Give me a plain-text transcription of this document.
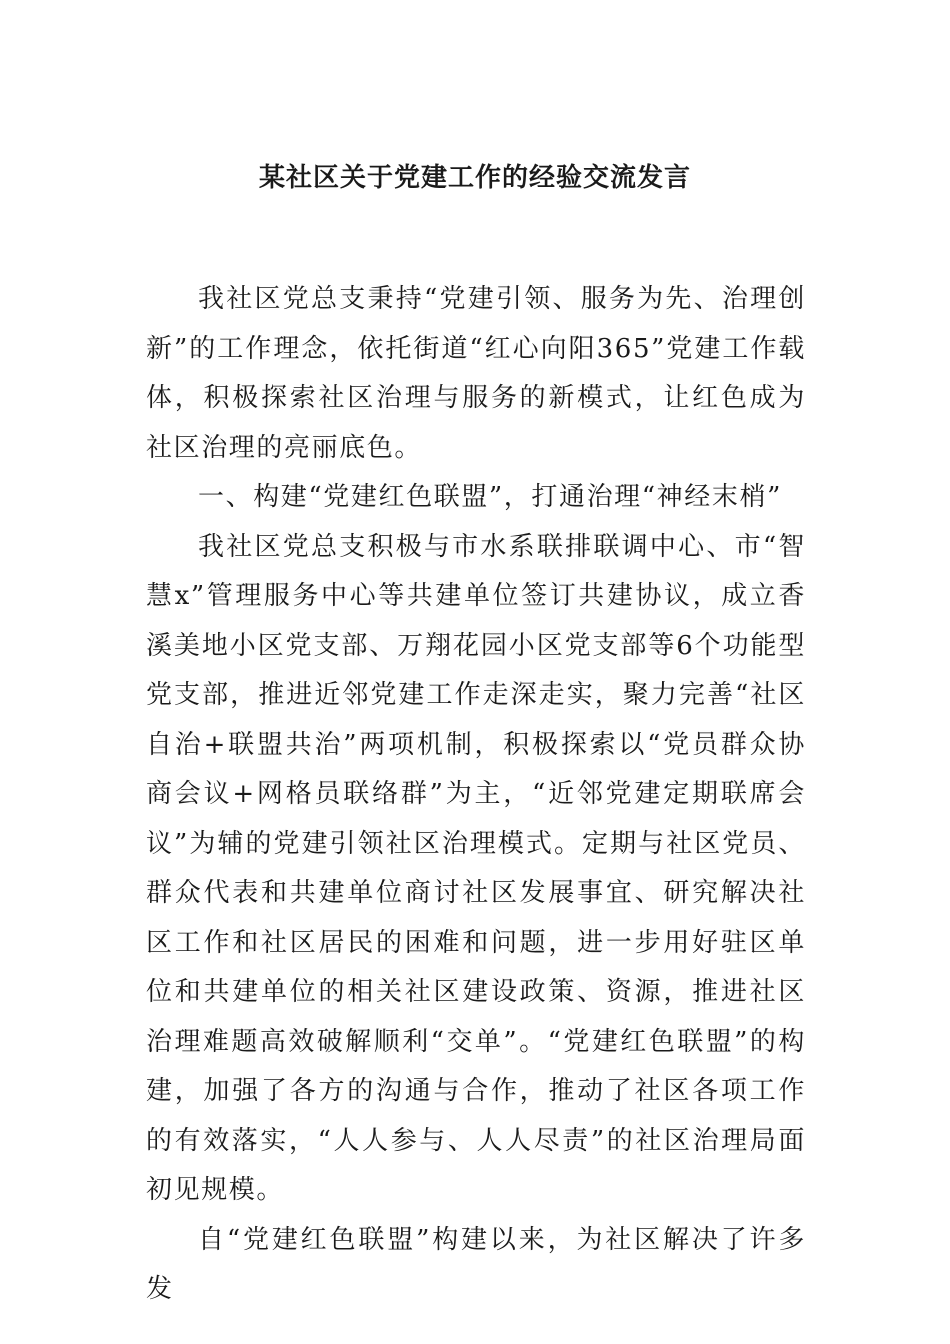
某社区关于党建工作的经验交流发言

我社区党总支秉持“党建引领、服务为先、治理创新”的工作理念，依托街道“红心向阳365”党建工作载体，积极探索社区治理与服务的新模式，让红色成为社区治理的亮丽底色。

一、构建“党建红色联盟”，打通治理“神经末梢”

我社区党总支积极与市水系联排联调中心、市“智慧x”管理服务中心等共建单位签订共建协议，成立香溪美地小区党支部、万翔花园小区党支部等6个功能型党支部，推进近邻党建工作走深走实，聚力完善“社区自治+联盟共治”两项机制，积极探索以“党员群众协商会议+网格员联络群”为主，“近邻党建定期联席会议”为辅的党建引领社区治理模式。定期与社区党员、群众代表和共建单位商讨社区发展事宜、研究解决社区工作和社区居民的困难和问题，进一步用好驻区单位和共建单位的相关社区建设政策、资源，推进社区治理难题高效破解顺利“交单”。“党建红色联盟”的构建，加强了各方的沟通与合作，推动了社区各项工作的有效落实，“人人参与、人人尽责”的社区治理局面初见规模。

自“党建红色联盟”构建以来，为社区解决了许多发
